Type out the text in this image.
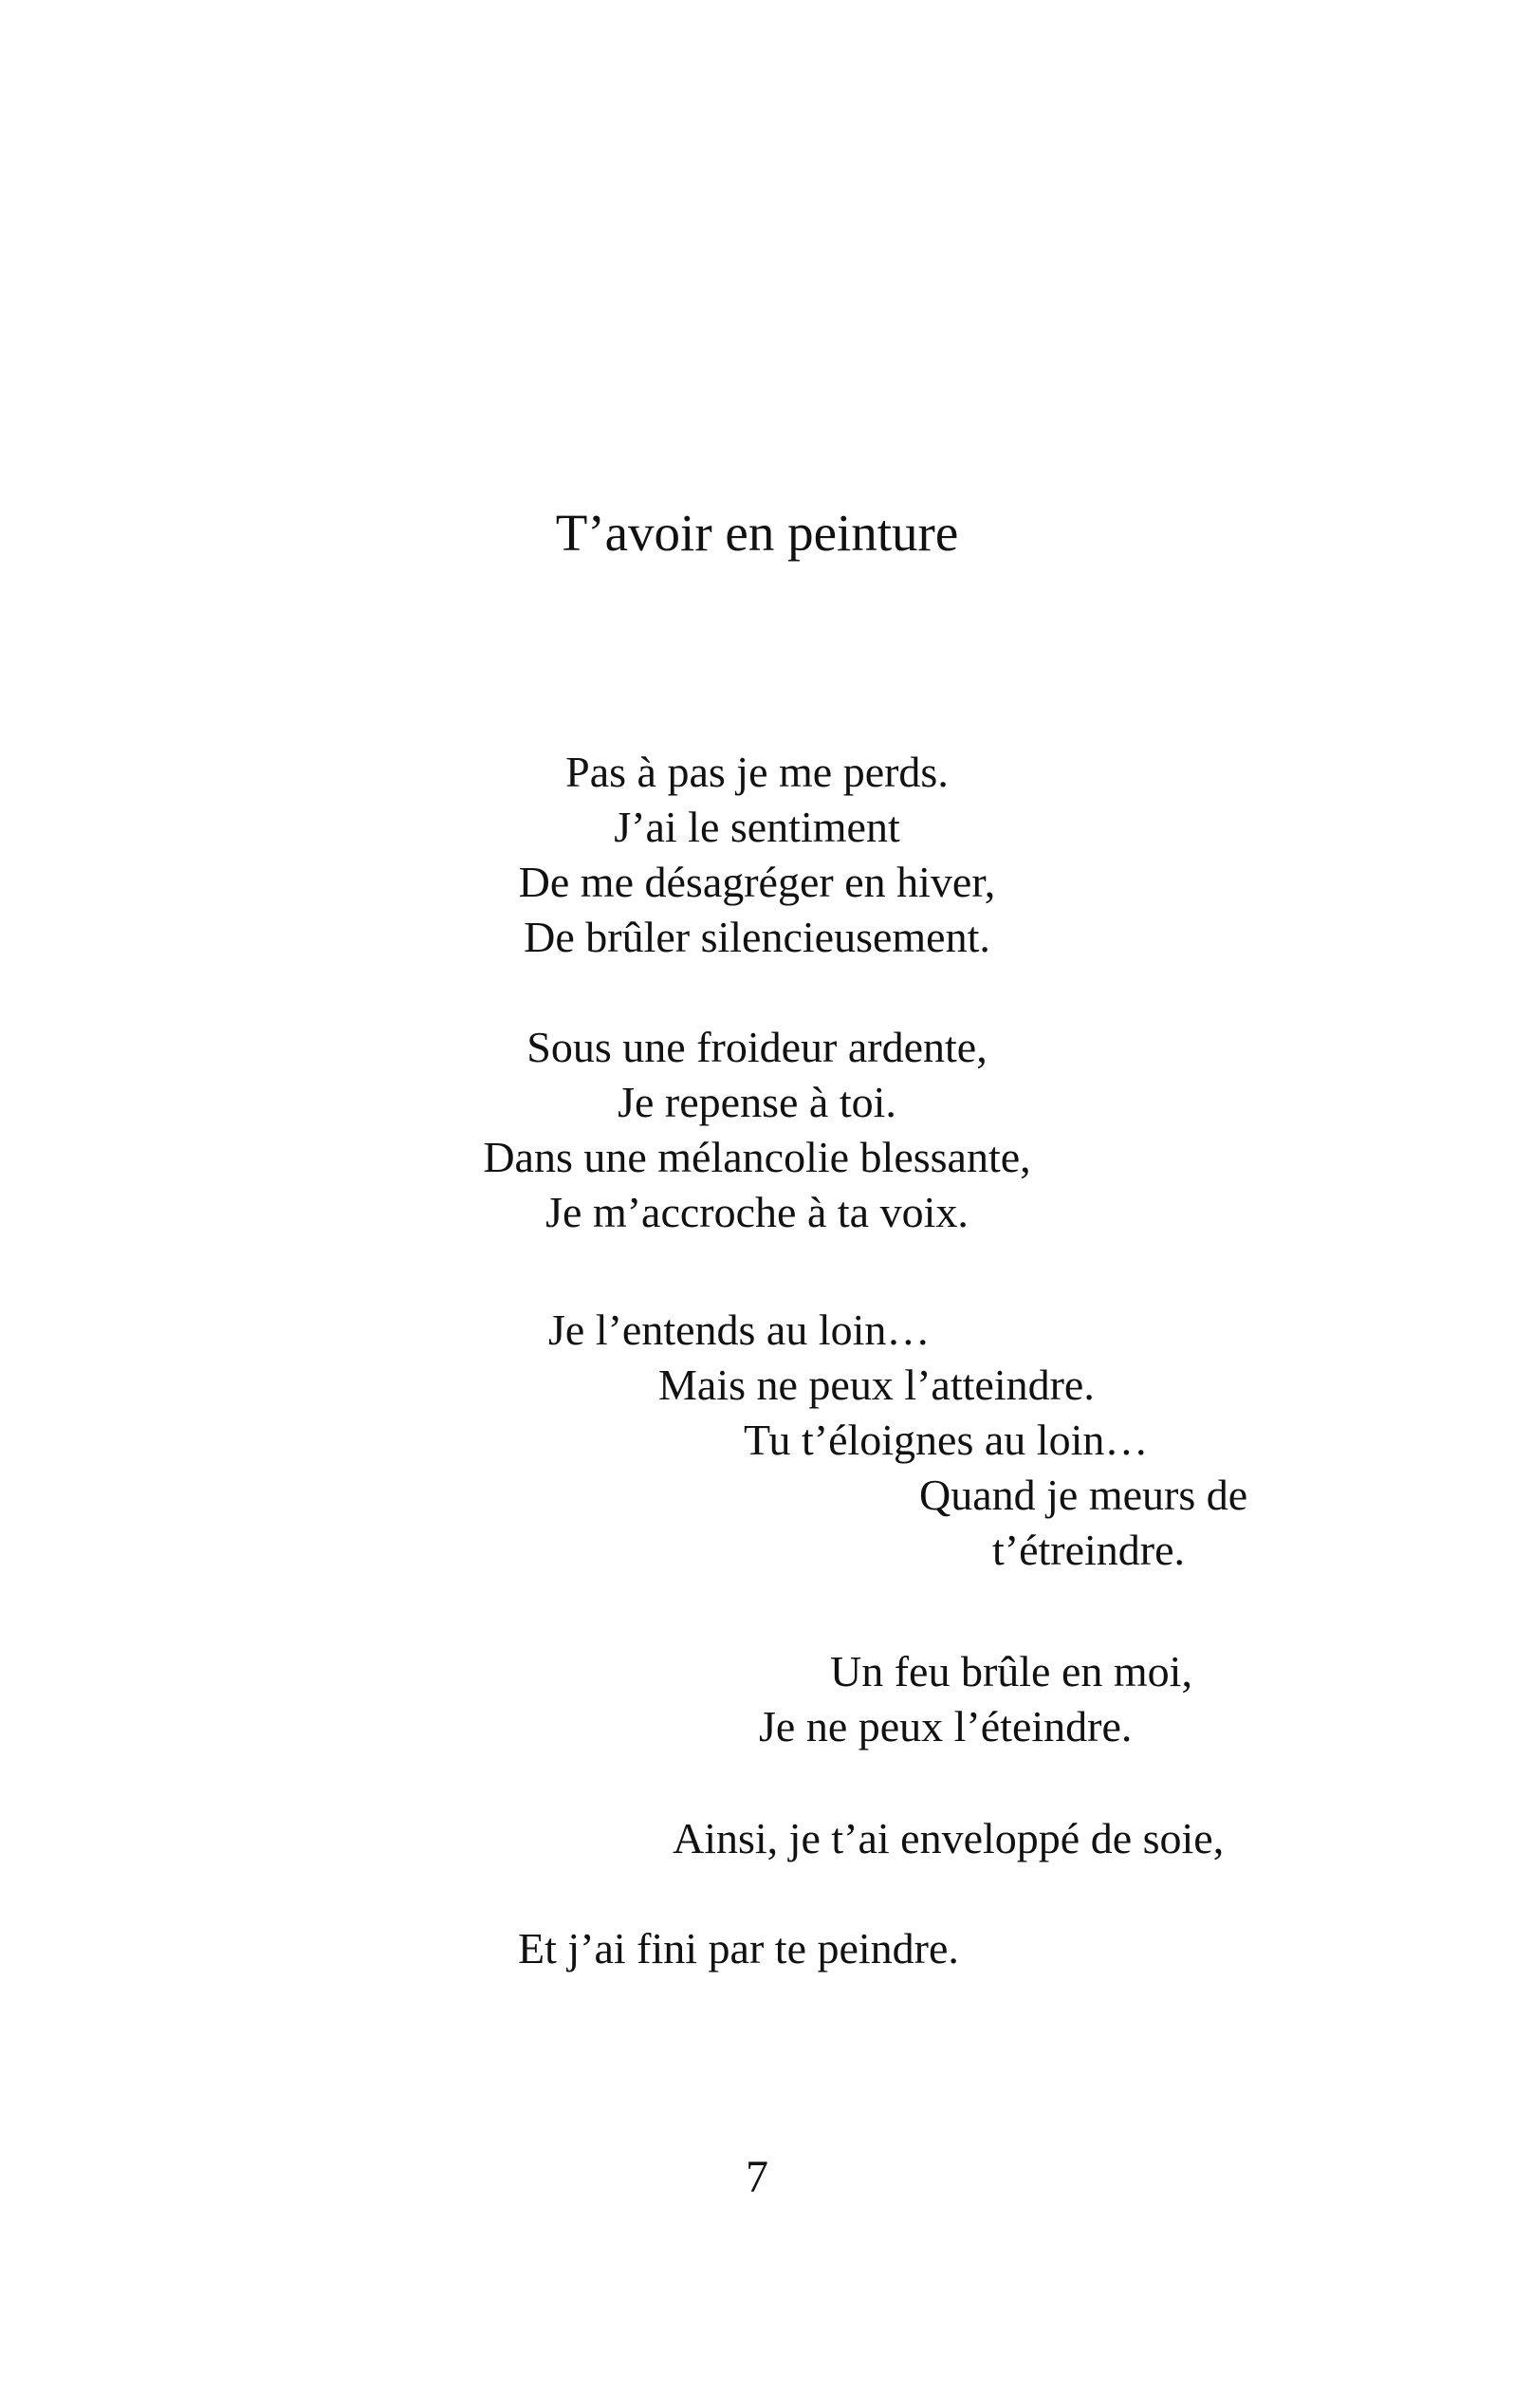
T’avoir en peinture

Pas à pas je me perds.

J’ai le sentiment

De me désagréger en hiver,

De brûler silencieusement.

Sous une froideur ardente,

Je repense à toi.

Dans une mélancolie blessante,

Je m’accroche à ta voix.

Je l’entends au loin…

Mais ne peux l’atteindre.

Tu t’éloignes au loin…

Quand je meurs de

t’étreindre.

Un feu brûle en moi,

Je ne peux l’éteindre.

Ainsi, je t’ai enveloppé de soie,

Et j’ai fini par te peindre.

7
